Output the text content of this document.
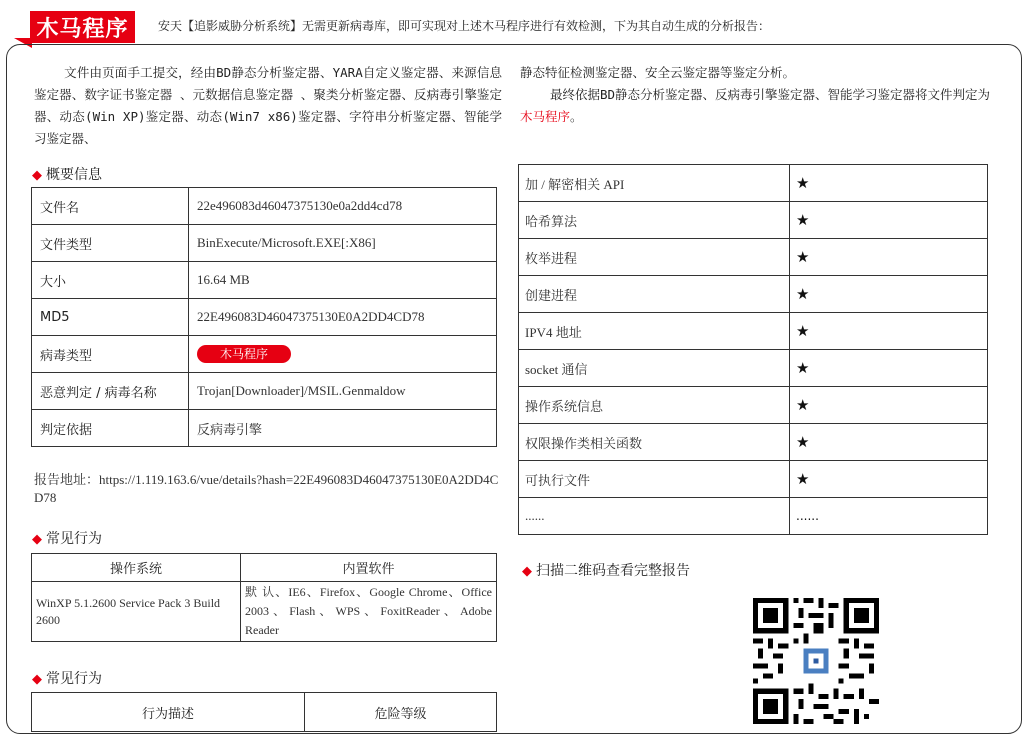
木马程序 安天【追影威胁分析系统】无需更新病毒库，即可实现对上述木马程序进行有效检测，下为其自动生成的分析报告：
文件由页面手工提交，经由BD静态分析鉴定器、YARA自定义鉴定器、来源信息鉴定器、数字证书鉴定器 、元数据信息鉴定器 、聚类分析鉴定器、反病毒引擎鉴定器、动态(Win XP)鉴定器、动态(Win7 x86)鉴定器、字符串分析鉴定器、智能学习鉴定器、

静态特征检测鉴定器、安全云鉴定器等鉴定分析。

最终依据BD静态分析鉴定器、反病毒引擎鉴定器、智能学习鉴定器将文件判定为木马程序。

◆ 概要信息
文件名	22e496083d46047375130e0a2dd4cd78
文件类型	BinExecute/Microsoft.EXE[:X86]
大小	16.64 MB
MD5	22E496083D46047375130E0A2DD4CD78
病毒类型	木马程序
恶意判定 / 病毒名称	Trojan[Downloader]/MSIL.Genmaldow
判定依据	反病毒引擎
报告地址：https://1.119.163.6/vue/details?hash=22E496083D46047375130E0A2DD4CD78
◆ 常见行为
操作系统	内置软件
WinXP 5.1.2600 Service Pack 3 Build 2600	默 认、IE6、Firefox、Google Chrome、Office 2003、Flash、WPS、FoxitReader、Adobe Reader
◆ 常见行为
行为描述	危险等级
加 / 解密相关 API	★
哈希算法	★
枚举进程	★
创建进程	★
IPV4 地址	★
socket 通信	★
操作系统信息	★
权限操作类相关函数	★
可执行文件	★
......	......
◆ 扫描二维码查看完整报告
